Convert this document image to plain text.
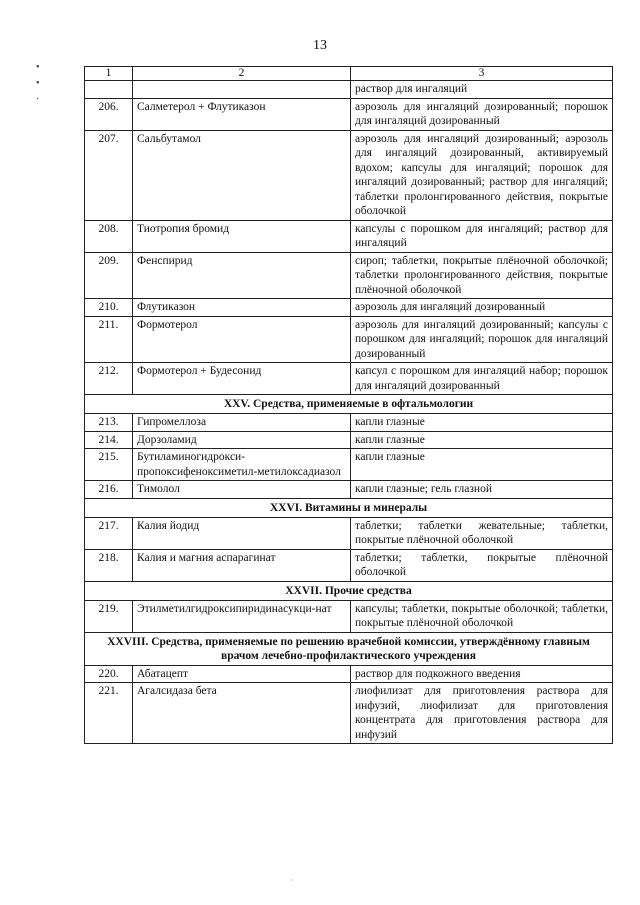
13
•
•
·
1	2	3
		раствор для ингаляций
206.	Салметерол + Флутиказон	аэрозоль для ингаляций дозированный; порошок для ингаляций дозированный
207.	Сальбутамол	аэрозоль для ингаляций дозированный; аэрозоль для ингаляций дозированный, активируемый вдохом; капсулы для ингаляций; порошок для ингаляций дозированный; раствор для ингаляций; таблетки пролонгированного действия, покрытые оболочкой
208.	Тиотропия бромид	капсулы с порошком для ингаляций; раствор для ингаляций
209.	Фенспирид	сироп; таблетки, покрытые плёночной оболочкой; таблетки пролонгированного действия, покрытые плёночной оболочкой
210.	Флутиказон	аэрозоль для ингаляций дозированный
211.	Формотерол	аэрозоль для ингаляций дозированный; капсулы с порошком для ингаляций; порошок для ингаляций дозированный
212.	Формотерол + Будесонид	капсул с порошком для ингаляций набор; порошок для ингаляций дозированный
XXV. Средства, применяемые в офтальмологии		
213.	Гипромеллоза	капли глазные
214.	Дорзоламид	капли глазные
215.	Бутиламиногидрокси-пропоксифеноксиметил-метилоксадиазол	капли глазные
216.	Тимолол	капли глазные; гель глазной
XXVI. Витамины и минералы		
217.	Калия йодид	таблетки; таблетки жевательные; таблетки, покрытые плёночной оболочкой
218.	Калия и магния аспарагинат	таблетки; таблетки, покрытые плёночной оболочкой
XXVII. Прочие средства		
219.	Этилметилгидроксипиридинасукци-нат	капсулы; таблетки, покрытые оболочкой; таблетки, покрытые плёночной оболочкой
XXVIII. Средства, применяемые по решению врачебной комиссии, утверждённому главным врачом лечебно-профилактического учреждения		
220.	Абатацепт	раствор для подкожного введения
221.	Агалсидаза бета	лиофилизат для приготовления раствора для инфузий, лиофилизат для приготовления концентрата для приготовления раствора для инфузий
·
